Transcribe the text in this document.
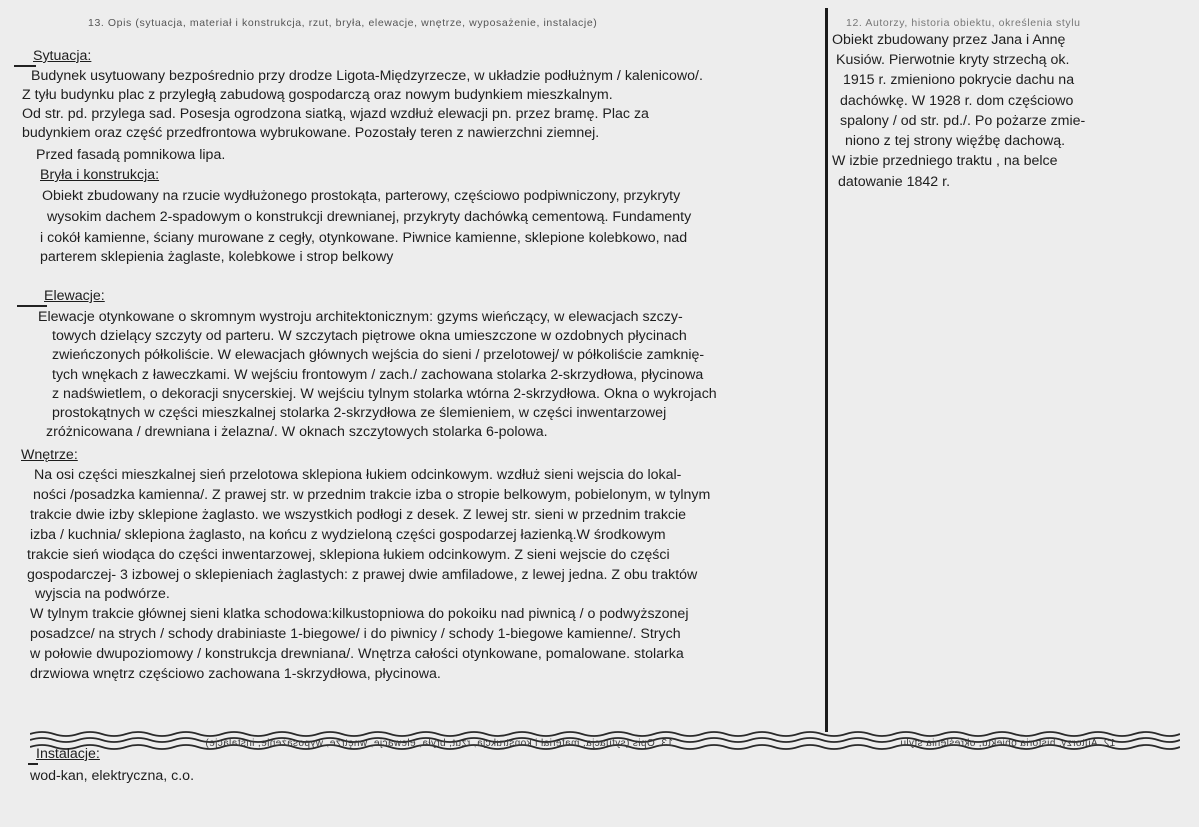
13. Opis (sytuacja, materiał i konstrukcja, rzut, bryła, elewacje, wnętrze, wyposażenie, instalacje)	12. Autorzy, historia obiektu, określenia stylu
Sytuacja:
Budynek usytuowany bezpośrednio przy drodze Ligota-Międzyrzecze, w układzie podłużnym / kalenicowo/.
Z tyłu budynku plac z przyległą zabudową gospodarczą oraz nowym budynkiem mieszkalnym.
Od str. pd. przylega sad. Posesja ogrodzona siatką, wjazd wzdłuż elewacji pn. przez bramę. Plac za
budynkiem oraz część przedfrontowa wybrukowane. Pozostały teren z nawierzchni ziemnej.
Przed fasadą pomnikowa lipa.
Bryła i konstrukcja:
Obiekt zbudowany na rzucie wydłużonego prostokąta, parterowy, częściowo podpiwniczony, przykryty
wysokim dachem 2-spadowym o konstrukcji drewnianej, przykryty dachówką cementową. Fundamenty
i cokół kamienne, ściany murowane z cegły, otynkowane. Piwnice kamienne, sklepione kolebkowo, nad
parterem sklepienia żaglaste, kolebkowe i strop belkowy
Elewacje:
Elewacje otynkowane o skromnym wystroju architektonicznym: gzyms wieńczący, w elewacjach szczy-
towych dzielący szczyty od parteru. W szczytach piętrowe okna umieszczone w ozdobnych płycinach
zwieńczonych półkoliście. W elewacjach głównych wejścia do sieni / przelotowej/ w półkoliście zamknię-
tych wnękach z ławeczkami. W wejściu frontowym / zach./ zachowana stolarka 2-skrzydłowa, płycinowa
z nadświetlem, o dekoracji snycerskiej. W wejściu tylnym stolarka wtórna 2-skrzydłowa. Okna o wykrojach
prostokątnych w części mieszkalnej stolarka 2-skrzydłowa ze ślemieniem, w części inwentarzowej
zróżnicowana / drewniana i żelazna/. W oknach szczytowych stolarka 6-polowa.
Wnętrze:
Na osi części mieszkalnej sień przelotowa sklepiona łukiem odcinkowym. wzdłuż sieni wejscia do lokal-
ności /posadzka kamienna/. Z prawej str. w przednim trakcie izba o stropie belkowym, pobielonym, w tylnym
trakcie dwie izby sklepione żaglasto. we wszystkich podłogi z desek. Z lewej str. sieni w przednim trakcie
izba / kuchnia/ sklepiona żaglasto, na końcu z wydzieloną części gospodarzej łazienką.W środkowym
trakcie sień wiodąca do części inwentarzowej, sklepiona łukiem odcinkowym. Z sieni wejscie do części
gospodarczej- 3 izbowej o sklepieniach żaglastych: z prawej dwie amfiladowe, z lewej jedna. Z obu traktów
wyjscia na podwórze.
W tylnym trakcie głównej sieni klatka schodowa:kilkustopniowa do pokoiku nad piwnicą / o podwyższonej
posadzce/ na strych / schody drabiniaste 1-biegowe/ i do piwnicy / schody 1-biegowe kamienne/. Strych
w połowie dwupoziomowy / konstrukcja drewniana/. Wnętrza całości otynkowane, pomalowane. stolarka
drzwiowa wnętrz częściowo zachowana 1-skrzydłowa, płycinowa.
Obiekt zbudowany przez Jana i Annę
Kusiów. Pierwotnie kryty strzechą ok.
1915 r. zmieniono pokrycie dachu na
dachówkę. W 1928 r. dom częściowo
spalony / od str. pd./. Po pożarze zmie-
niono z tej strony więźbę dachową.
W izbie przedniego traktu , na belce
datowanie 1842 r.
13. Opis (sytuacja, materiał i konstrukcja, rzut, bryła, elewacje, wnętrze, wyposażenie, instalacje)	12. Autorzy, historia obiektu, określenia stylu
Instalacje:
wod-kan, elektryczna, c.o.
